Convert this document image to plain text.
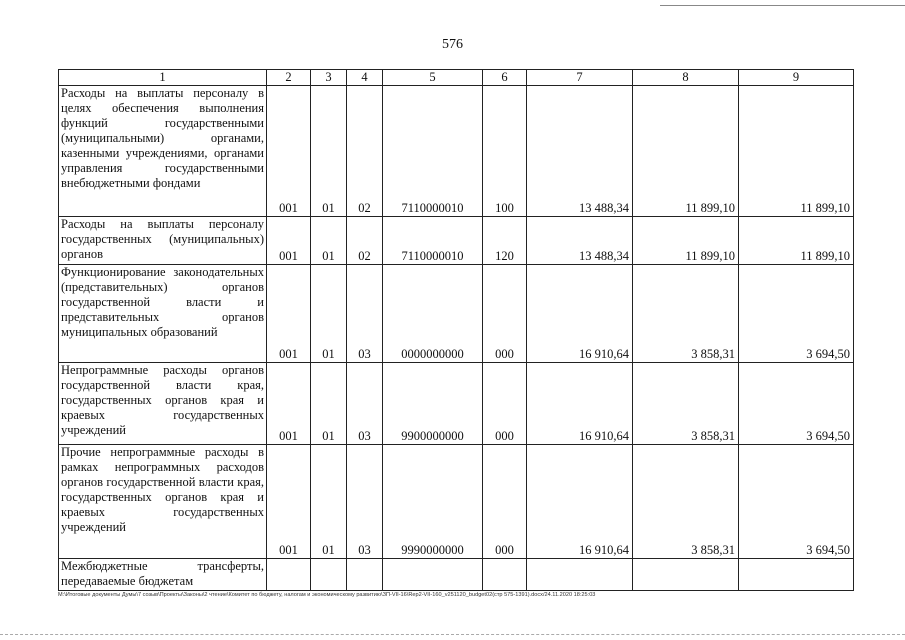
576
1	2	3	4	5	6	7	8	9
Расходы на выплаты персоналу в целях обеспечения выполнения функций государственными (муниципальными) органами, казенными учреждениями, органами управления государственными внебюджетными фондами	001	01	02	7110000010	100	13 488,34	11 899,10	11 899,10
Расходы на выплаты персоналу государственных (муниципальных) органов	001	01	02	7110000010	120	13 488,34	11 899,10	11 899,10
Функционирование законодательных (представительных) органов государственной власти и представительных органов муниципальных образований	001	01	03	0000000000	000	16 910,64	3 858,31	3 694,50
Непрограммные расходы органов государственной власти края, государственных органов края и краевых государственных учреждений	001	01	03	9900000000	000	16 910,64	3 858,31	3 694,50
Прочие непрограммные расходы в рамках непрограммных расходов органов государственной власти края, государственных органов края и краевых государственных учреждений	001	01	03	9990000000	000	16 910,64	3 858,31	3 694,50
Межбюджетные трансферты, передаваемые бюджетам								
M:\Итоговые документы Думы\7 созыв\Проекты\Законы\2 чтение\Комитет по бюджету, налогам и экономическому развитию\ЗП-VII-16\Rep2-VII-160_v251120_budget02(стр 575-1391).docx/24.11.2020 18:25:03
